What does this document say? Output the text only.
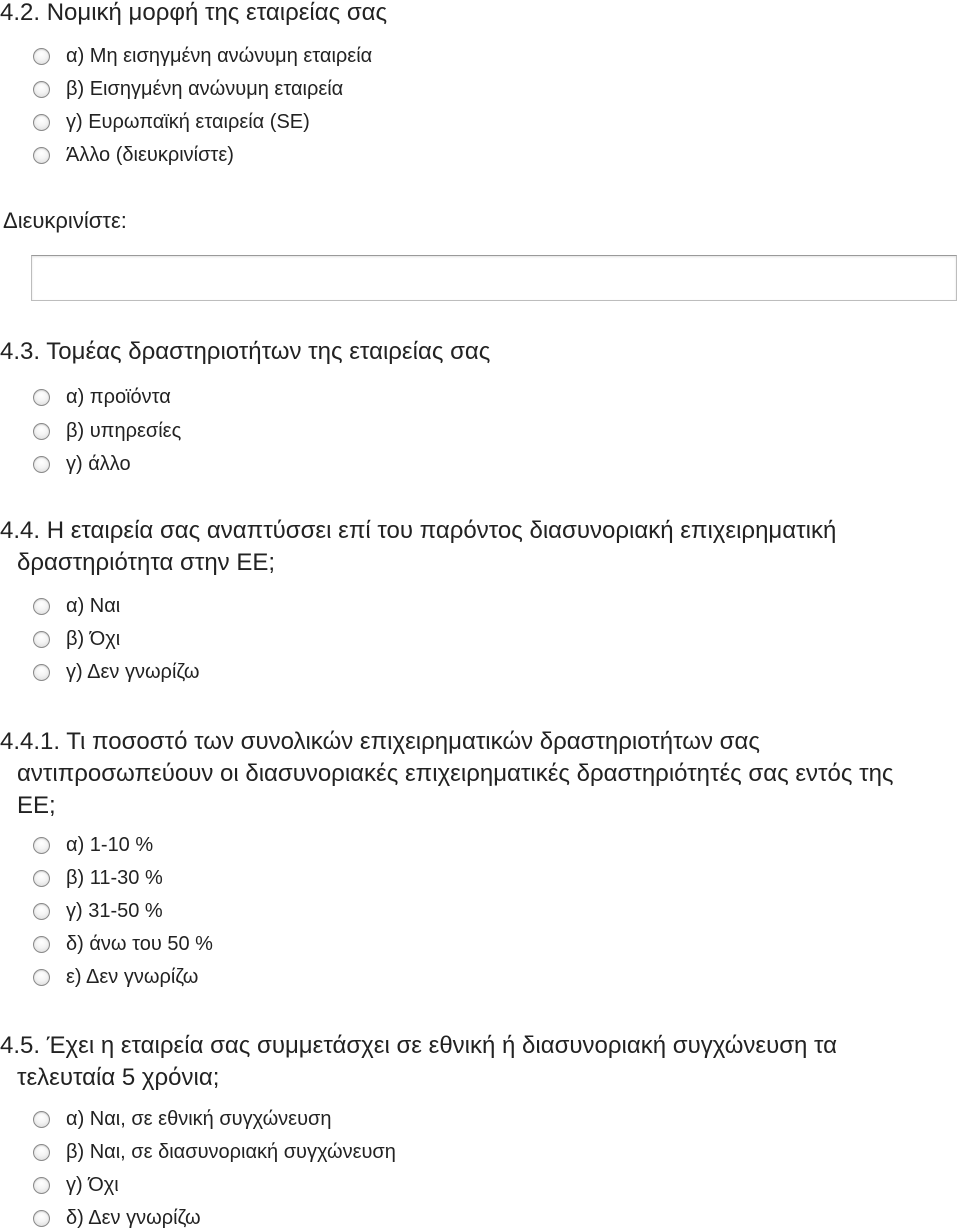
4.2. Νομική μορφή της εταιρείας σας
α) Μη εισηγμένη ανώνυμη εταιρεία
β) Εισηγμένη ανώνυμη εταιρεία
γ) Ευρωπαϊκή εταιρεία (SE)
Άλλο (διευκρινίστε)
Διευκρινίστε:
4.3. Τομέας δραστηριοτήτων της εταιρείας σας
α) προϊόντα
β) υπηρεσίες
γ) άλλο
4.4. Η εταιρεία σας αναπτύσσει επί του παρόντος διασυνοριακή επιχειρηματική
δραστηριότητα στην ΕΕ;
α) Ναι
β) Όχι
γ) Δεν γνωρίζω
4.4.1. Τι ποσοστό των συνολικών επιχειρηματικών δραστηριοτήτων σας
αντιπροσωπεύουν οι διασυνοριακές επιχειρηματικές δραστηριότητές σας εντός της
ΕΕ;
α) 1-10 %
β) 11-30 %
γ) 31-50 %
δ) άνω του 50 %
ε) Δεν γνωρίζω
4.5. Έχει η εταιρεία σας συμμετάσχει σε εθνική ή διασυνοριακή συγχώνευση τα
τελευταία 5 χρόνια;
α) Ναι, σε εθνική συγχώνευση
β) Ναι, σε διασυνοριακή συγχώνευση
γ) Όχι
δ) Δεν γνωρίζω
